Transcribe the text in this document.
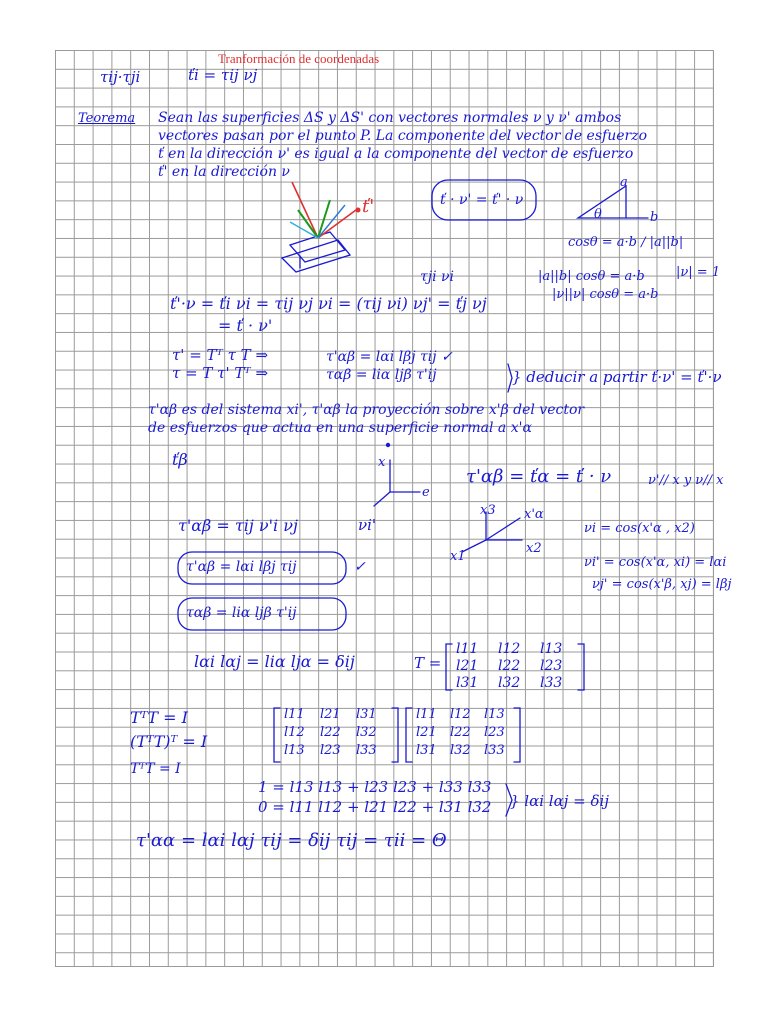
Tranformación de coordenadas
τij·τji	ťi = τij νj
Teorema Sean las superficies ΔS y ΔS' con vectores normales ν y ν' ambos
vectores pasan por el punto P. La componente del vector de esfuerzo
ť en la dirección ν' es igual a la componente del vector de esfuerzo
ť' en la dirección ν
ť'	ť · ν' = ť' · ν
a
b
θ
cosθ = a·b / |a||b|
|a||b| cosθ = a·b
|ν||ν| cosθ = a·b
|ν| = 1
τji νi
ť'·ν = ťi νi = τij νj νi = (τij νi) νj' = ťj νj
= ť · ν'
τ' = Tᵀ τ T ⇒
τ = T τ' Tᵀ ⇒
τ'αβ = lαi lβj τij ✓
ταβ = liα ljβ τ'ij	} deducir a partir ť·ν' = ť'·ν
τ'αβ es del sistema xi', τ'αβ la proyección sobre x'β del vector
de esfuerzos que actua en una superficie normal a x'α
ťβ	x
e
τ'αβ = ťα = ť · ν	ν'// x y ν// x
τ'αβ = τij ν'i νj	νi'
x3 x'α
x2
x1
τ'αβ = lαi lβj τij	✓
ταβ = liα ljβ τ'ij
νi = cos(x'α , x2)
νi' = cos(x'α, xi) = lαi
νj' = cos(x'β, xj) = lβj
lαi lαj = liα ljα = δij	T =
l11 l12 l13
l21 l22 l23
l31 l32 l33
TᵀT = I
(TᵀT)ᵀ = I
TᵀT = I
l11 l21 l31
l12 l22 l32
l13 l23 l33
l11 l12 l13
l21 l22 l23
l31 l32 l33
1 = l13 l13 + l23 l23 + l33 l33
0 = l11 l12 + l21 l22 + l31 l32 } lαi lαj = δij
τ'αα = lαi lαj τij = δij τij = τii = Θ
